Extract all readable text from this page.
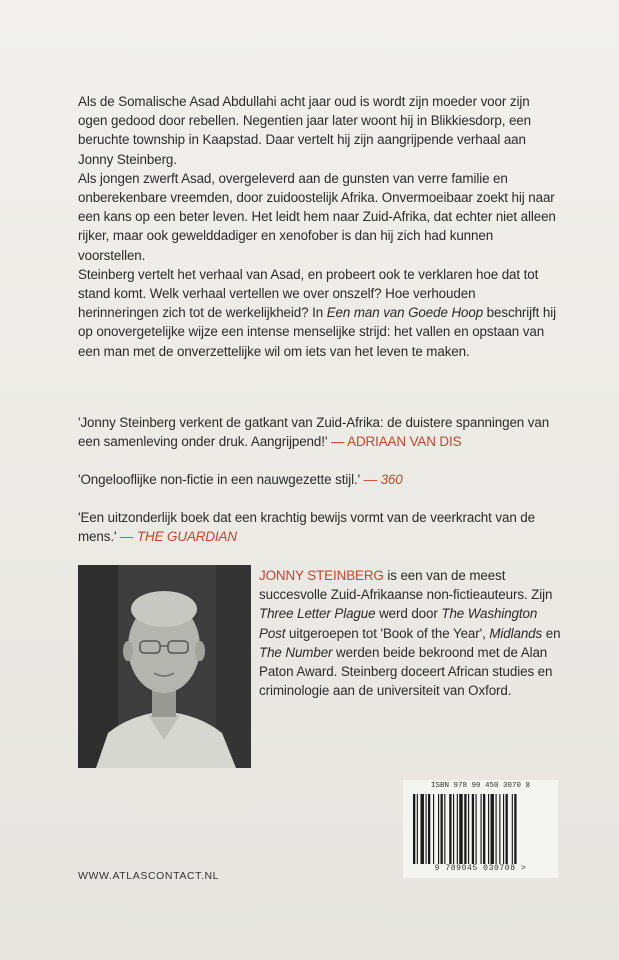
Als de Somalische Asad Abdullahi acht jaar oud is wordt zijn moeder voor zijn ogen gedood door rebellen. Negentien jaar later woont hij in Blikkiesdorp, een beruchte township in Kaapstad. Daar vertelt hij zijn aangrijpende verhaal aan Jonny Steinberg.
Als jongen zwerft Asad, overgeleverd aan de gunsten van verre familie en onberekenbare vreemden, door zuidoostelijk Afrika. Onvermoeibaar zoekt hij naar een kans op een beter leven. Het leidt hem naar Zuid-Afrika, dat echter niet alleen rijker, maar ook gewelddadiger en xenofober is dan hij zich had kunnen voorstellen.
Steinberg vertelt het verhaal van Asad, en probeert ook te verklaren hoe dat tot stand komt. Welk verhaal vertellen we over onszelf? Hoe verhouden herinneringen zich tot de werkelijkheid? In Een man van Goede Hoop beschrijft hij op onovergetelijke wijze een intense menselijke strijd: het vallen en opstaan van een man met de onverzettelijke wil om iets van het leven te maken.

'Jonny Steinberg verkent de gatkant van Zuid-Afrika: de duistere spanningen van een samenleving onder druk. Aangrijpend!' — ADRIAAN VAN DIS

'Ongelooflijke non-fictie in een nauwgezette stijl.' — 360

'Een uitzonderlijk boek dat een krachtig bewijs vormt van de veerkracht van de mens.' — THE GUARDIAN

JONNY STEINBERG is een van de meest succesvolle Zuid-Afrikaanse non-fictieauteurs. Zijn Three Letter Plague werd door The Washington Post uitgeroepen tot 'Book of the Year', Midlands en The Number werden beide bekroond met de Alan Paton Award. Steinberg doceert African studies en criminologie aan de universiteit van Oxford.
ISBN 978 90 450 3070 8
9 789045 030708 >
WWW.ATLASCONTACT.NL
